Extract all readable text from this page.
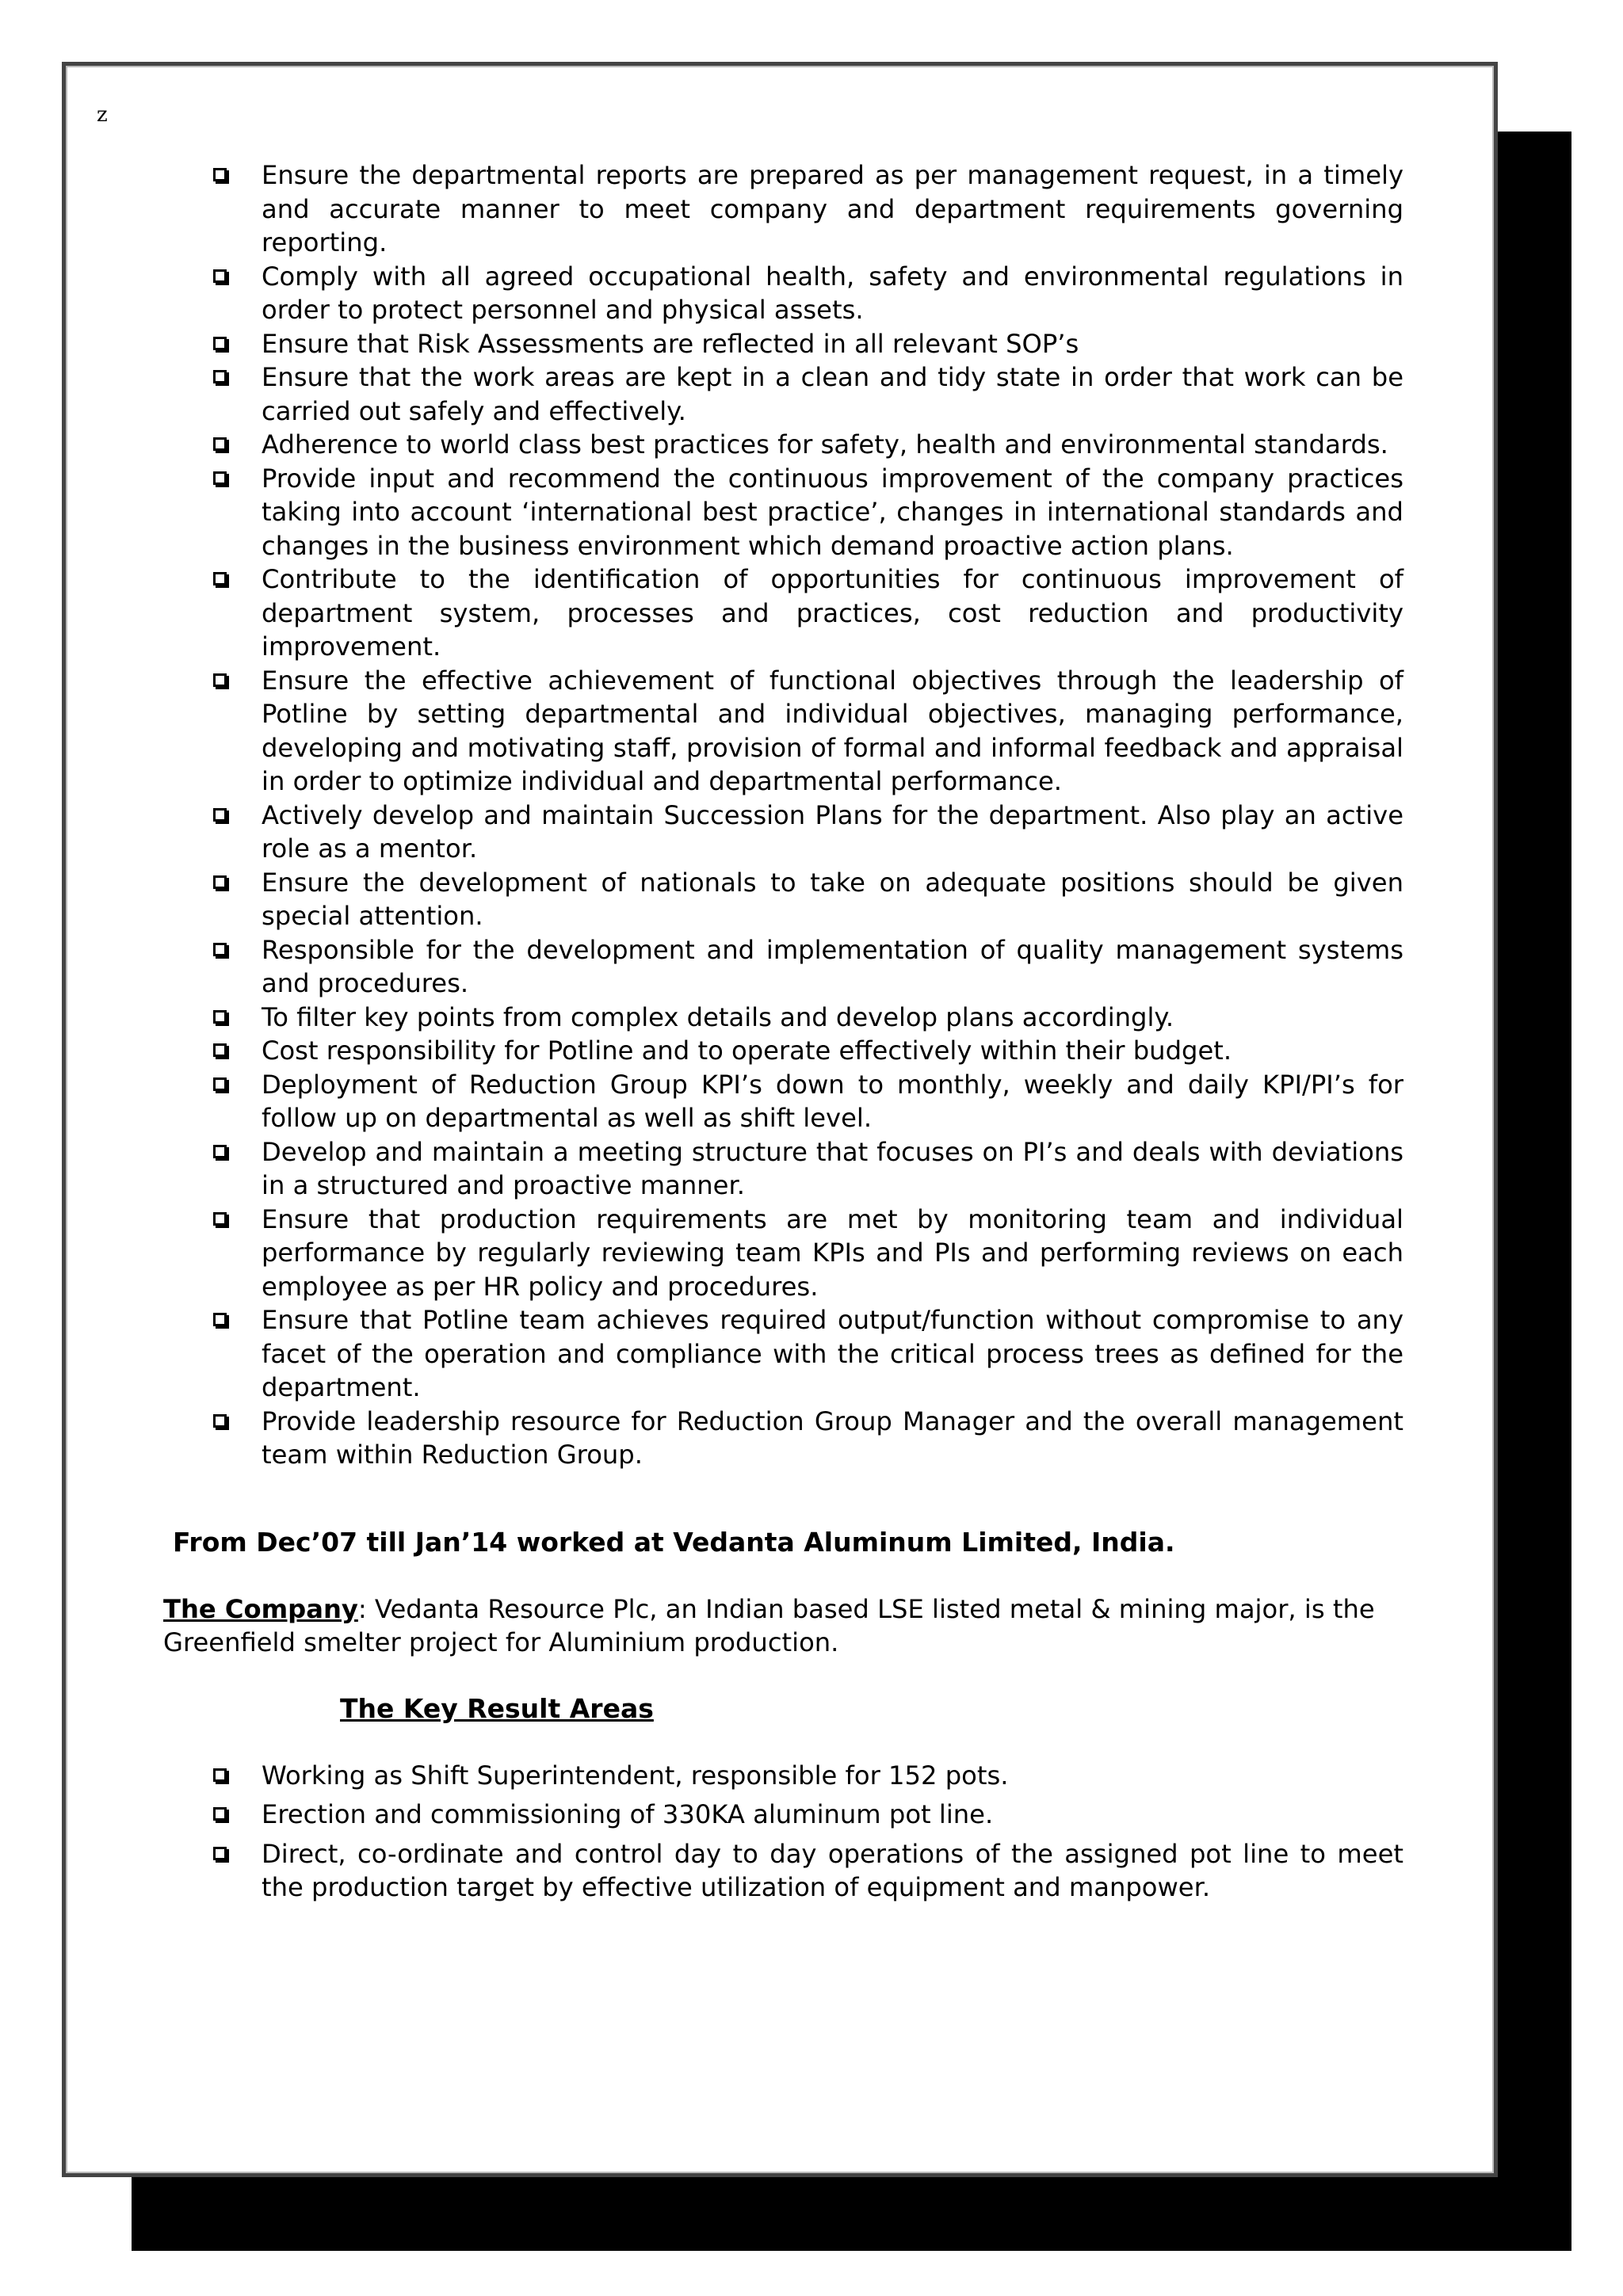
z
Ensure the departmental reports are prepared as per management request, in a timely and accurate manner to meet company and department requirements governing reporting.
Comply with all agreed occupational health, safety and environmental regulations in order to protect personnel and physical assets.
Ensure that Risk Assessments are reflected in all relevant SOP’s
Ensure that the work areas are kept in a clean and tidy state in order that work can be carried out safely and effectively.
Adherence to world class best practices for safety, health and environmental standards.
Provide input and recommend the continuous improvement of the company practices taking into account ‘international best practice’, changes in international standards and changes in the business environment which demand proactive action plans.
Contribute to the identification of opportunities for continuous improvement of department system, processes and practices, cost reduction and productivity improvement.
Ensure the effective achievement of functional objectives through the leadership of Potline by setting departmental and individual objectives, managing performance, developing and motivating staff, provision of formal and informal feedback and appraisal in order to optimize individual and departmental performance.
Actively develop and maintain Succession Plans for the department. Also play an active role as a mentor.
Ensure the development of nationals to take on adequate positions should be given special attention.
Responsible for the development and implementation of quality management systems and procedures.
To filter key points from complex details and develop plans accordingly.
Cost responsibility for Potline and to operate effectively within their budget.
Deployment of Reduction Group KPI’s down to monthly, weekly and daily KPI/PI’s for follow up on departmental as well as shift level.
Develop and maintain a meeting structure that focuses on PI’s and deals with deviations in a structured and proactive manner.
Ensure that production requirements are met by monitoring team and individual performance by regularly reviewing team KPIs and PIs and performing reviews on each employee as per HR policy and procedures.
Ensure that Potline team achieves required output/function without compromise to any facet of the operation and compliance with the critical process trees as defined for the department.
Provide leadership resource for Reduction Group Manager and the overall management team within Reduction Group.
From Dec’07 till Jan’14 worked at Vedanta Aluminum Limited, India.
The Company: Vedanta Resource Plc, an Indian based LSE listed metal & mining major, is the Greenfield smelter project for Aluminium production.
The Key Result Areas
Working as Shift Superintendent, responsible for 152 pots.
Erection and commissioning of 330KA aluminum pot line.
Direct, co-ordinate and control day to day operations of the assigned pot line to meet the production target by effective utilization of equipment and manpower.
